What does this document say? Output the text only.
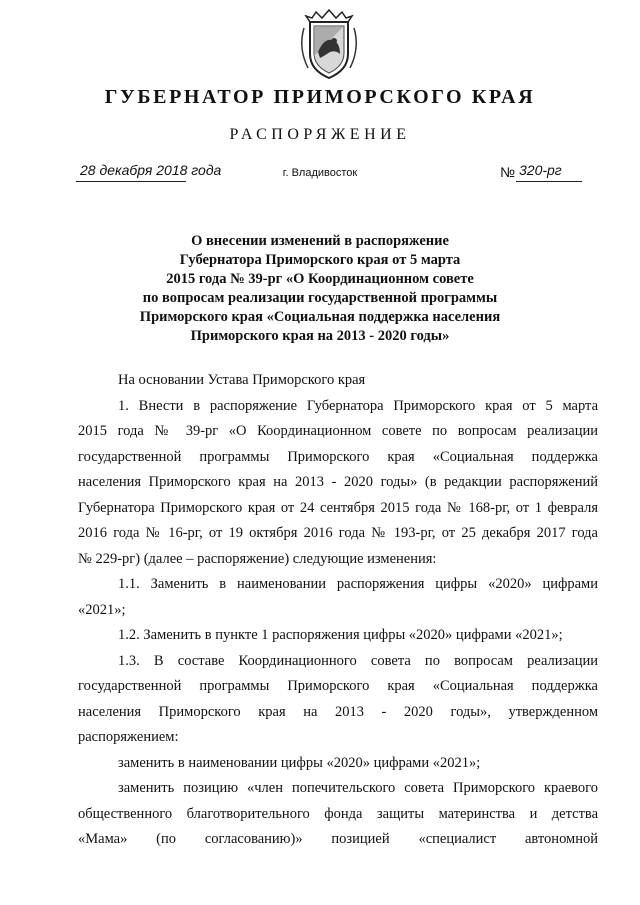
ГУБЕРНАТОР ПРИМОРСКОГО КРАЯ
РАСПОРЯЖЕНИЕ
28 декабря 2018 года	г. Владивосток	№ 320-рг
О внесении изменений в распоряжение
Губернатора Приморского края от 5 марта
2015 года № 39-рг «О Координационном совете
по вопросам реализации государственной программы
Приморского края «Социальная поддержка населения
Приморского края на 2013 - 2020 годы»
На основании Устава Приморского края
1. Внести в распоряжение Губернатора Приморского края от 5 марта
2015 года № 39-рг «О Координационном совете по вопросам реализации
государственной программы Приморского края «Социальная поддержка
населения Приморского края на 2013 - 2020 годы» (в редакции распоряжений
Губернатора Приморского края от 24 сентября 2015 года № 168-рг, от 1 февраля
2016 года № 16-рг, от 19 октября 2016 года № 193-рг, от 25 декабря 2017 года
№ 229-рг) (далее – распоряжение) следующие изменения:
1.1. Заменить в наименовании распоряжения цифры «2020» цифрами
«2021»;
1.2. Заменить в пункте 1 распоряжения цифры «2020» цифрами «2021»;
1.3. В составе Координационного совета по вопросам реализации
государственной программы Приморского края «Социальная поддержка
населения Приморского края на 2013 - 2020 годы», утвержденном
распоряжением:
заменить в наименовании цифры «2020» цифрами «2021»;
заменить позицию «член попечительского совета Приморского краевого
общественного благотворительного фонда защиты материнства и детства
«Мама» (по согласованию)» позицией «специалист автономной
